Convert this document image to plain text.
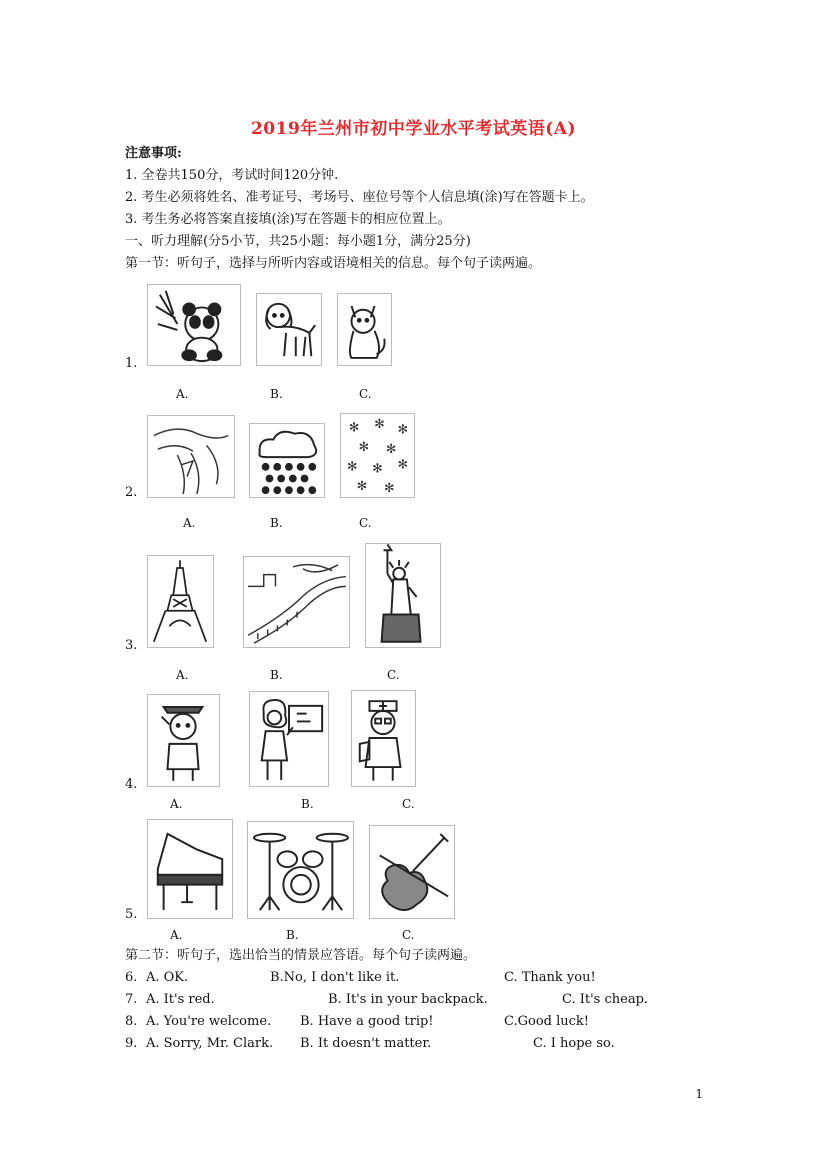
2019年兰州市初中学业水平考试英语(A)
注意事项:
1. 全卷共150分，考试时间120分钟.
2. 考生必须将姓名、准考证号、考场号、座位号等个人信息填(涂)写在答题卡上。
3. 考生务必将答案直接填(涂)写在答题卡的相应位置上。
一、听力理解(分5小节，共25小题：每小题1分，满分25分)
第一节：听句子，选择与所听内容或语境相关的信息。每个句子读两遍。
1.
A.	B.	C.
2.
✻ ✻ ✻
✻ ✻
✻ ✻ ✻
✻ ✻
A.	B.	C.
3.
A.	B.	C.
4.
A.	B.	C.
5.
A.	B.	C.
第二节：听句子，选出恰当的情景应答语。每个句子读两遍。
6. A. OK.	B.No, I don't like it.	C. Thank you!
7. A. It's red.	B. It's in your backpack.	C. It's cheap.
8. A. You're welcome. B. Have a good trip!	C.Good luck!
9. A. Sorry, Mr. Clark. B. It doesn't matter.	C. I hope so.
1
